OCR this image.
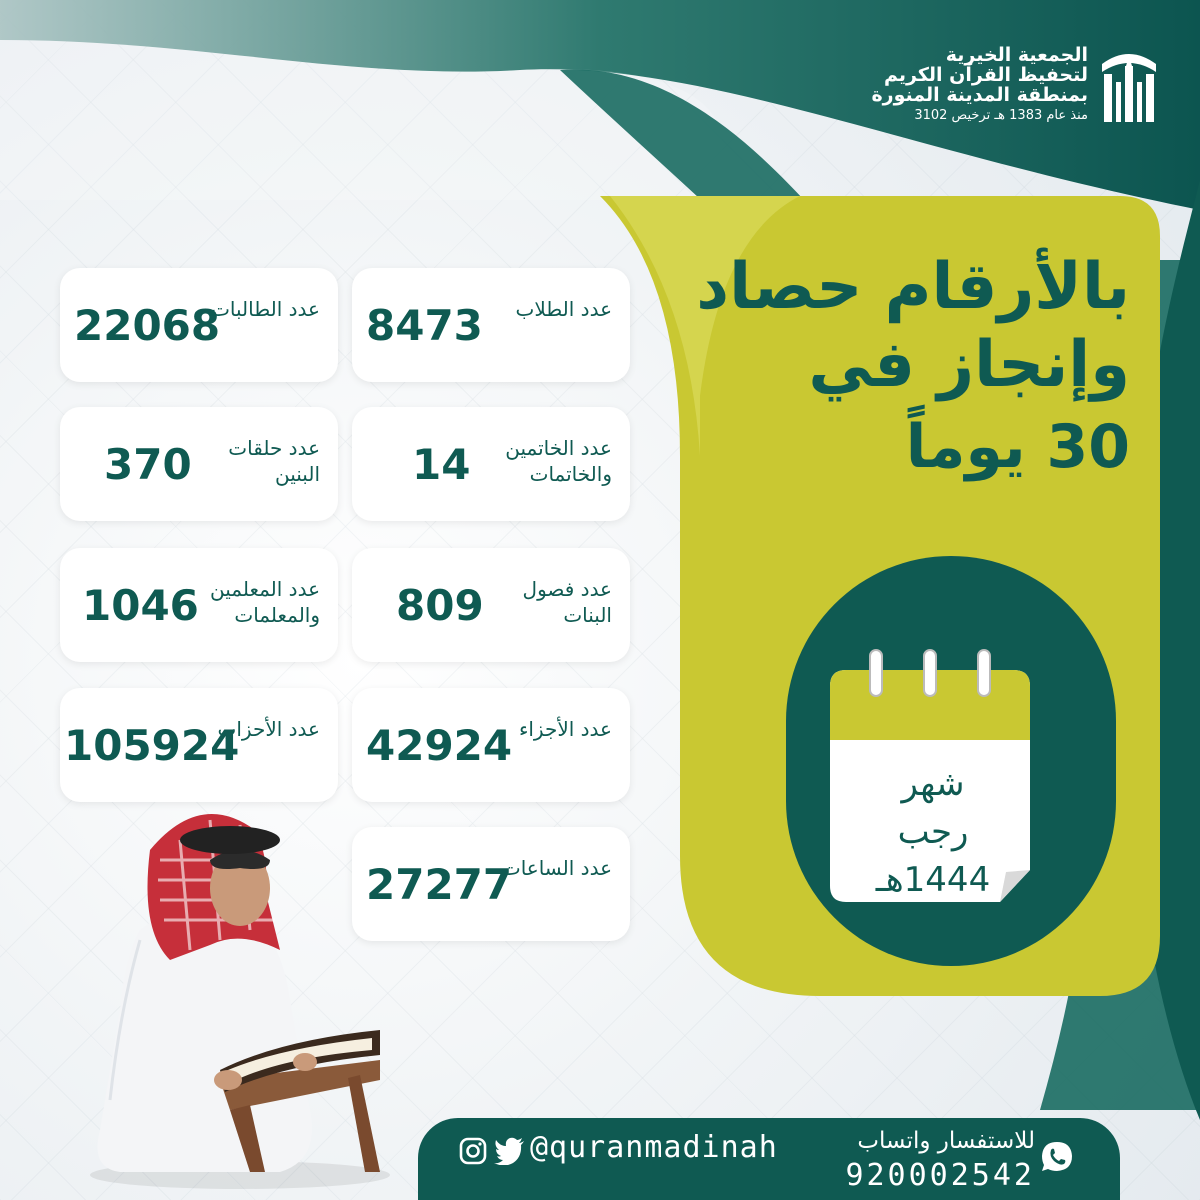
الجمعية الخيرية
لتحفيظ القرآن الكريم
بمنطقة المدينة المنورة
منذ عام 1383 هـ ترخيص 3102
بالأرقام حصاد
وإنجاز في
30 يوماً
شهر
رجب
1444هـ
عدد الطلاب
8473
عدد الطالبات
22068
عدد الخاتمين والخاتمات
14
عدد حلقات البنين
370
عدد فصول البنات
809
عدد المعلمين والمعلمات
1046
عدد الأجزاء
42924
عدد الأحزاب
105924
عدد الساعات
27277
@quranmadinah	للاستفسار واتساب
920002542
